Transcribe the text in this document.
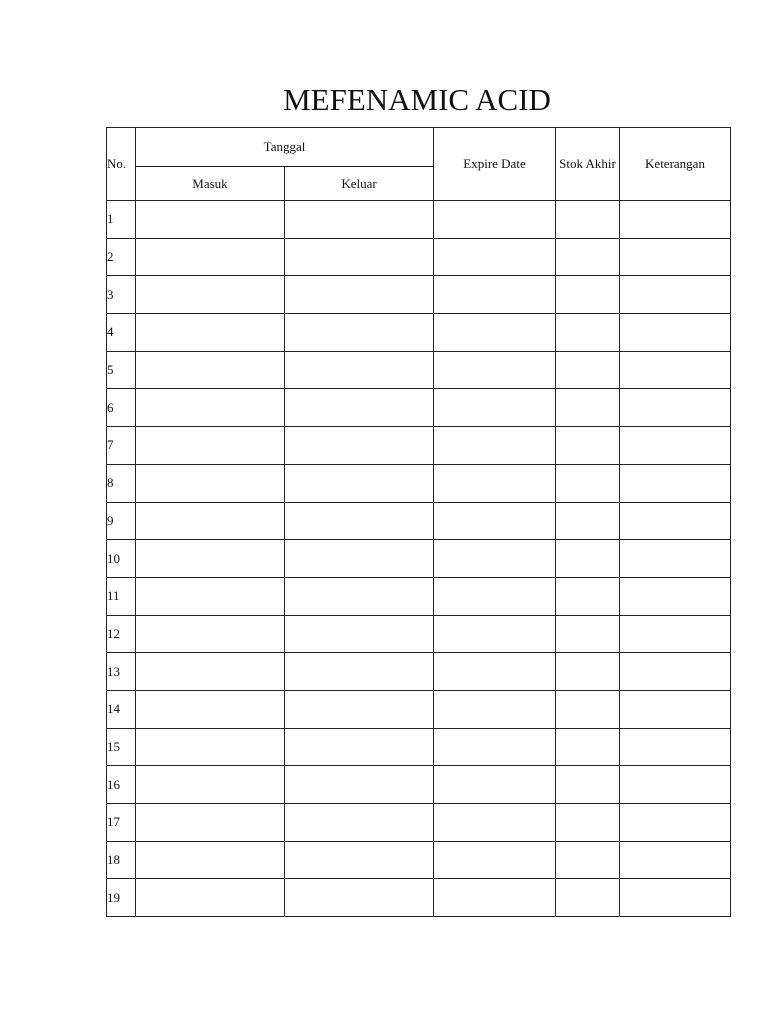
MEFENAMIC ACID
No.	Tanggal		Expire Date	Stok Akhir	Keterangan
	Masuk	Keluar			
1					
2					
3					
4					
5					
6					
7					
8					
9					
10					
11					
12					
13					
14					
15					
16					
17					
18					
19					
